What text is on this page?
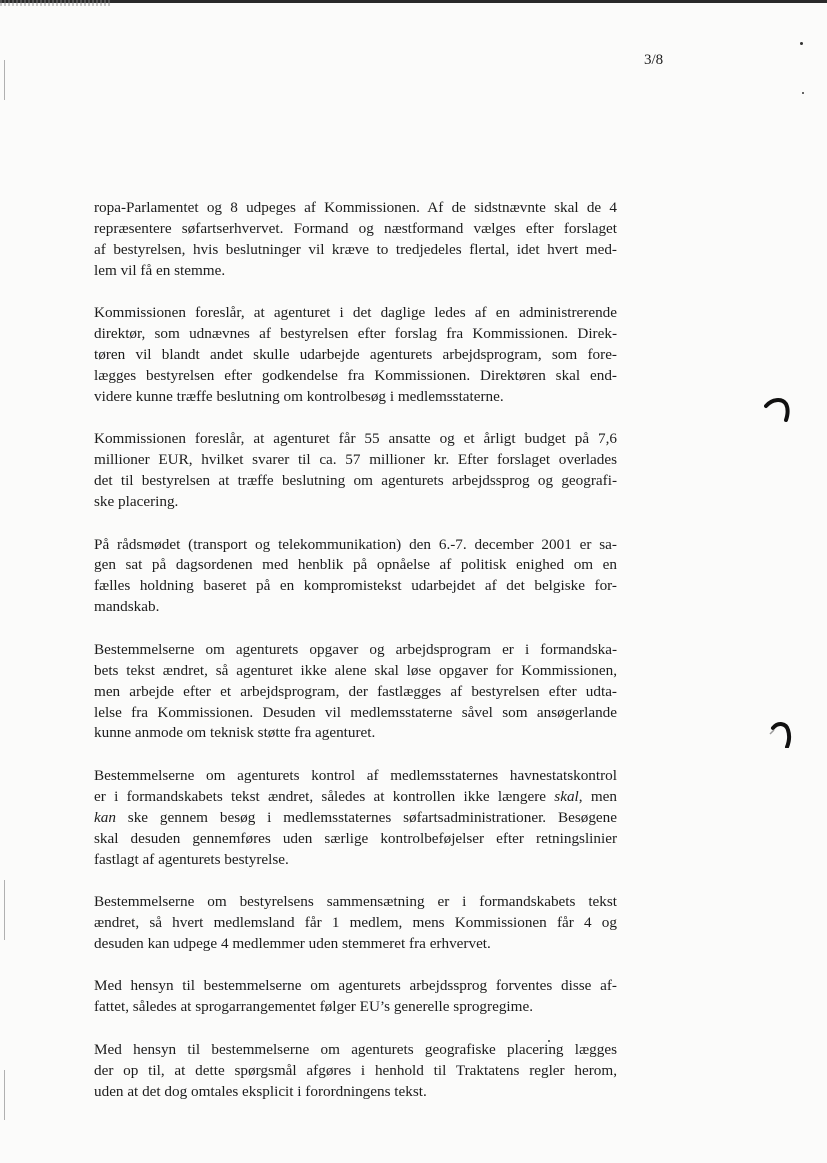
3/8

ropa-Parlamentet og 8 udpeges af Kommissionen. Af de sidstnævnte skal de 4
repræsentere søfartserhvervet. Formand og næstformand vælges efter forslaget
af bestyrelsen, hvis beslutninger vil kræve to tredjedeles flertal, idet hvert med-
lem vil få en stemme.

Kommissionen foreslår, at agenturet i det daglige ledes af en administrerende
direktør, som udnævnes af bestyrelsen efter forslag fra Kommissionen. Direk-
tøren vil blandt andet skulle udarbejde agenturets arbejdsprogram, som fore-
lægges bestyrelsen efter godkendelse fra Kommissionen. Direktøren skal end-
videre kunne træffe beslutning om kontrolbesøg i medlemsstaterne.

Kommissionen foreslår, at agenturet får 55 ansatte og et årligt budget på 7,6
millioner EUR, hvilket svarer til ca. 57 millioner kr. Efter forslaget overlades
det til bestyrelsen at træffe beslutning om agenturets arbejdssprog og geografi-
ske placering.

På rådsmødet (transport og telekommunikation) den 6.-7. december 2001 er sa-
gen sat på dagsordenen med henblik på opnåelse af politisk enighed om en
fælles holdning baseret på en kompromistekst udarbejdet af det belgiske for-
mandskab.

Bestemmelserne om agenturets opgaver og arbejdsprogram er i formandska-
bets tekst ændret, så agenturet ikke alene skal løse opgaver for Kommissionen,
men arbejde efter et arbejdsprogram, der fastlægges af bestyrelsen efter udta-
lelse fra Kommissionen. Desuden vil medlemsstaterne såvel som ansøgerlande
kunne anmode om teknisk støtte fra agenturet.

Bestemmelserne om agenturets kontrol af medlemsstaternes havnestatskontrol
er i formandskabets tekst ændret, således at kontrollen ikke længere skal, men
kan ske gennem besøg i medlemsstaternes søfartsadministrationer. Besøgene
skal desuden gennemføres uden særlige kontrolbeføjelser efter retningslinier
fastlagt af agenturets bestyrelse.

Bestemmelserne om bestyrelsens sammensætning er i formandskabets tekst
ændret, så hvert medlemsland får 1 medlem, mens Kommissionen får 4 og
desuden kan udpege 4 medlemmer uden stemmeret fra erhvervet.

Med hensyn til bestemmelserne om agenturets arbejdssprog forventes disse af-
fattet, således at sprogarrangementet følger EU’s generelle sprogregime.

Med hensyn til bestemmelserne om agenturets geografiske placering lægges
der op til, at dette spørgsmål afgøres i henhold til Traktatens regler herom,
uden at det dog omtales eksplicit i forordningens tekst.
